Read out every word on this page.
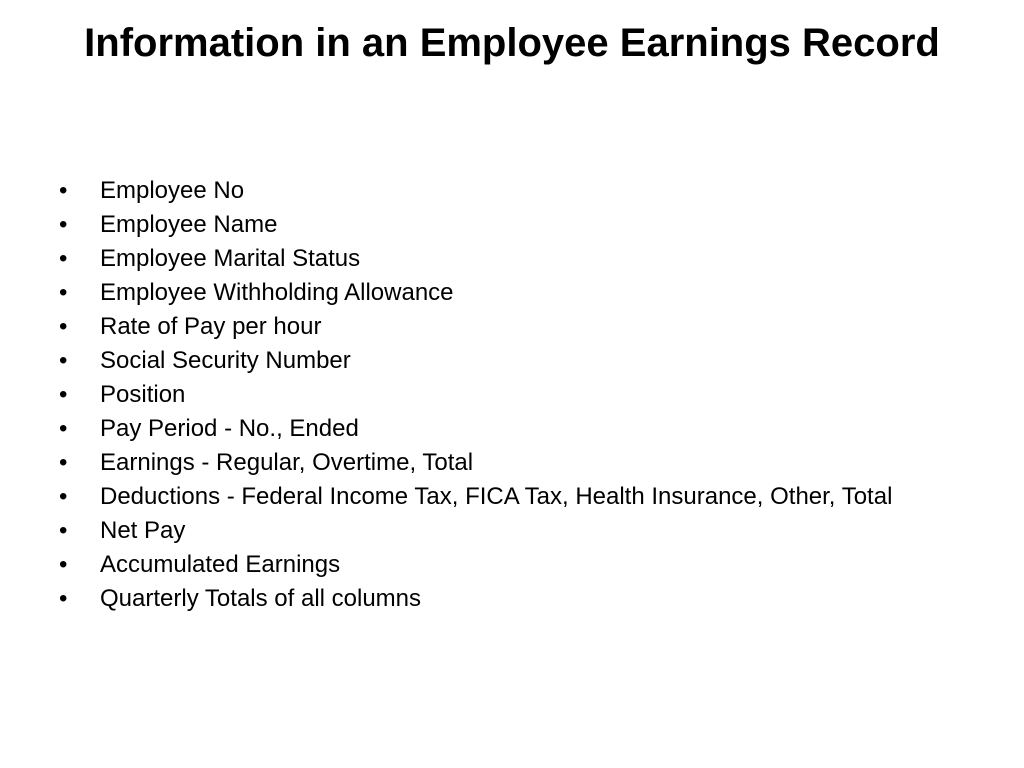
Information in an Employee Earnings Record
• Employee No
• Employee Name
• Employee Marital Status
• Employee Withholding Allowance
• Rate of Pay per hour
• Social Security Number
• Position
• Pay Period - No., Ended
• Earnings - Regular, Overtime, Total
• Deductions - Federal Income Tax, FICA Tax, Health Insurance, Other, Total
• Net Pay
• Accumulated Earnings
• Quarterly Totals of all columns
